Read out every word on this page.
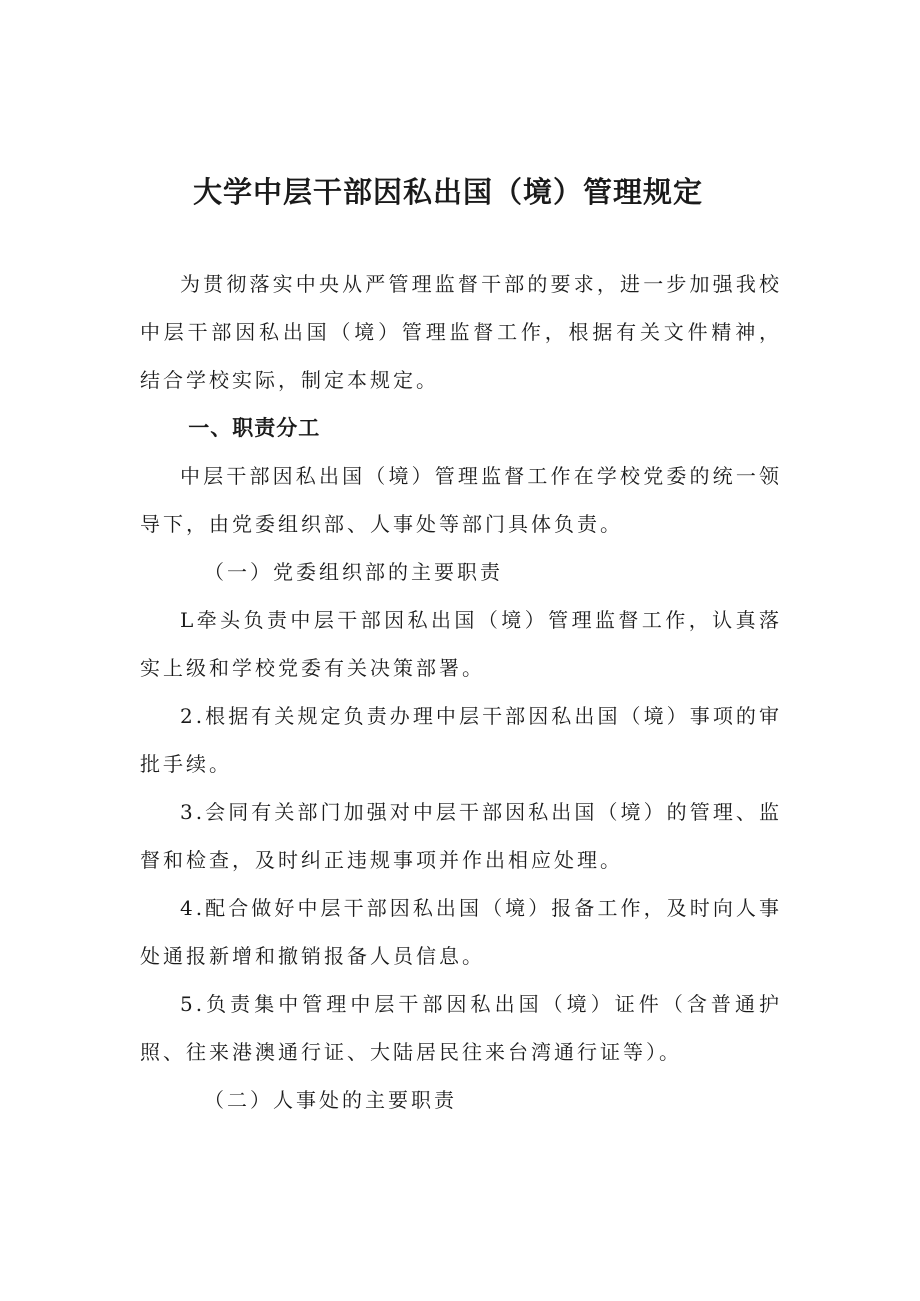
大学中层干部因私出国（境）管理规定

为贯彻落实中央从严管理监督干部的要求，进一步加强我校中层干部因私出国（境）管理监督工作，根据有关文件精神，结合学校实际，制定本规定。

一、职责分工

中层干部因私出国（境）管理监督工作在学校党委的统一领导下，由党委组织部、人事处等部门具体负责。

（一）党委组织部的主要职责

L牵头负责中层干部因私出国（境）管理监督工作，认真落实上级和学校党委有关决策部署。

2.根据有关规定负责办理中层干部因私出国（境）事项的审批手续。

3.会同有关部门加强对中层干部因私出国（境）的管理、监督和检查，及时纠正违规事项并作出相应处理。

4.配合做好中层干部因私出国（境）报备工作，及时向人事处通报新增和撤销报备人员信息。

5.负责集中管理中层干部因私出国（境）证件（含普通护照、往来港澳通行证、大陆居民往来台湾通行证等）。

（二）人事处的主要职责
